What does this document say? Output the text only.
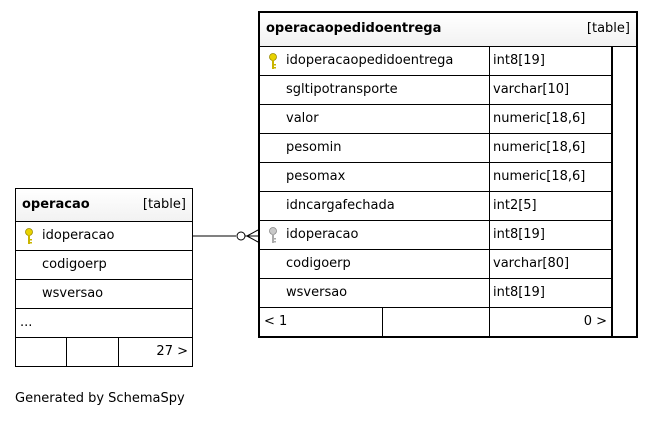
operacaopedidoentrega	[table]
idoperacaopedidoentrega	int8[19]
sgltipotransporte	varchar[10]
valor	numeric[18,6]
pesomin	numeric[18,6]
pesomax	numeric[18,6]
idncargafechada	int2[5]
idoperacao	int8[19]
codigoerp	varchar[80]
wsversao	int8[19]
< 1	0 >
operacao	[table]
idoperacao
codigoerp
wsversao
...
27 >
Generated by SchemaSpy
